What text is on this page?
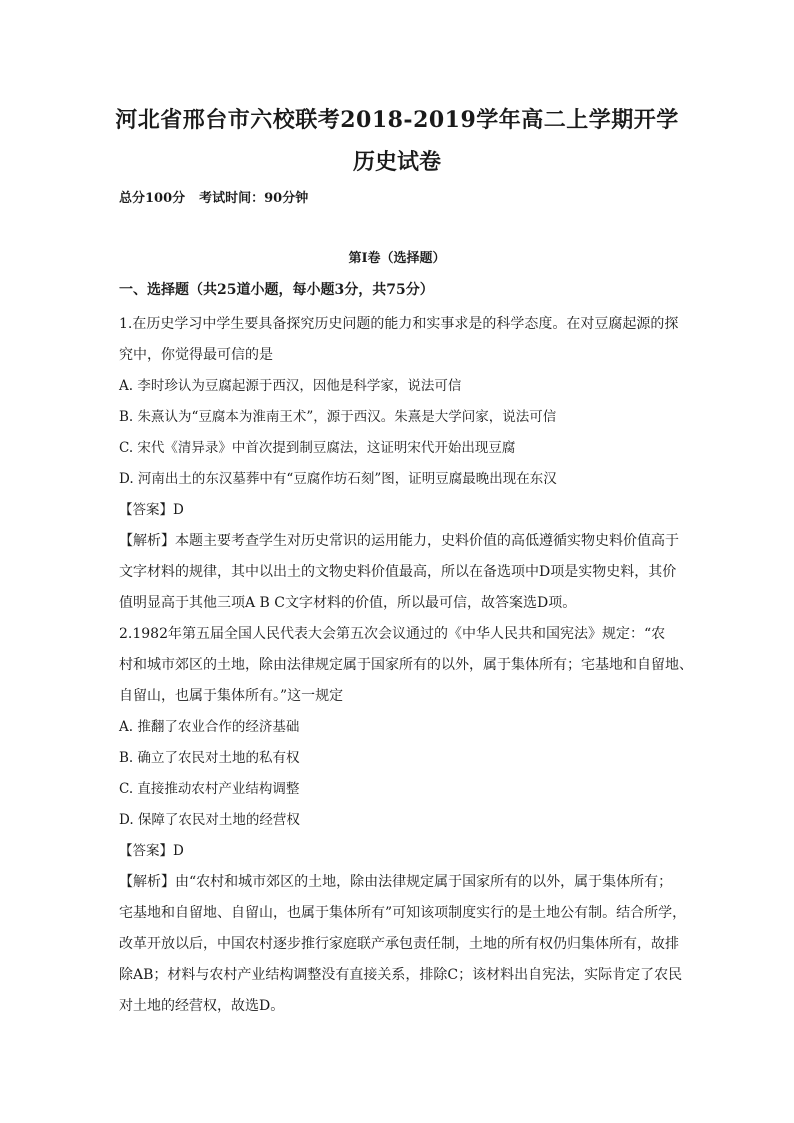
河北省邢台市六校联考2018-2019学年高二上学期开学
历史试卷
总分100分 考试时间：90分钟
第Ⅰ卷（选择题）
一、选择题（共25道小题，每小题3分，共75分）
1.在历史学习中学生要具备探究历史问题的能力和实事求是的科学态度。在对豆腐起源的探
究中，你觉得最可信的是
A. 李时珍认为豆腐起源于西汉，因他是科学家，说法可信
B. 朱熹认为“豆腐本为淮南王术”，源于西汉。朱熹是大学问家，说法可信
C. 宋代《清异录》中首次提到制豆腐法，这证明宋代开始出现豆腐
D. 河南出土的东汉墓葬中有“豆腐作坊石刻”图，证明豆腐最晚出现在东汉
【答案】D
【解析】本题主要考查学生对历史常识的运用能力，史料价值的高低遵循实物史料价值高于
文字材料的规律，其中以出土的文物史料价值最高，所以在备选项中D项是实物史料，其价
值明显高于其他三项A B C文字材料的价值，所以最可信，故答案选D项。
2.1982年第五届全国人民代表大会第五次会议通过的《中华人民共和国宪法》规定：“农
村和城市郊区的土地，除由法律规定属于国家所有的以外，属于集体所有；宅基地和自留地、
自留山，也属于集体所有。”这一规定
A. 推翻了农业合作的经济基础
B. 确立了农民对土地的私有权
C. 直接推动农村产业结构调整
D. 保障了农民对土地的经营权
【答案】D
【解析】由“农村和城市郊区的土地，除由法律规定属于国家所有的以外，属于集体所有；
宅基地和自留地、自留山，也属于集体所有”可知该项制度实行的是土地公有制。结合所学，
改革开放以后，中国农村逐步推行家庭联产承包责任制，土地的所有权仍归集体所有，故排
除AB；材料与农村产业结构调整没有直接关系，排除C；该材料出自宪法，实际肯定了农民
对土地的经营权，故选D。
